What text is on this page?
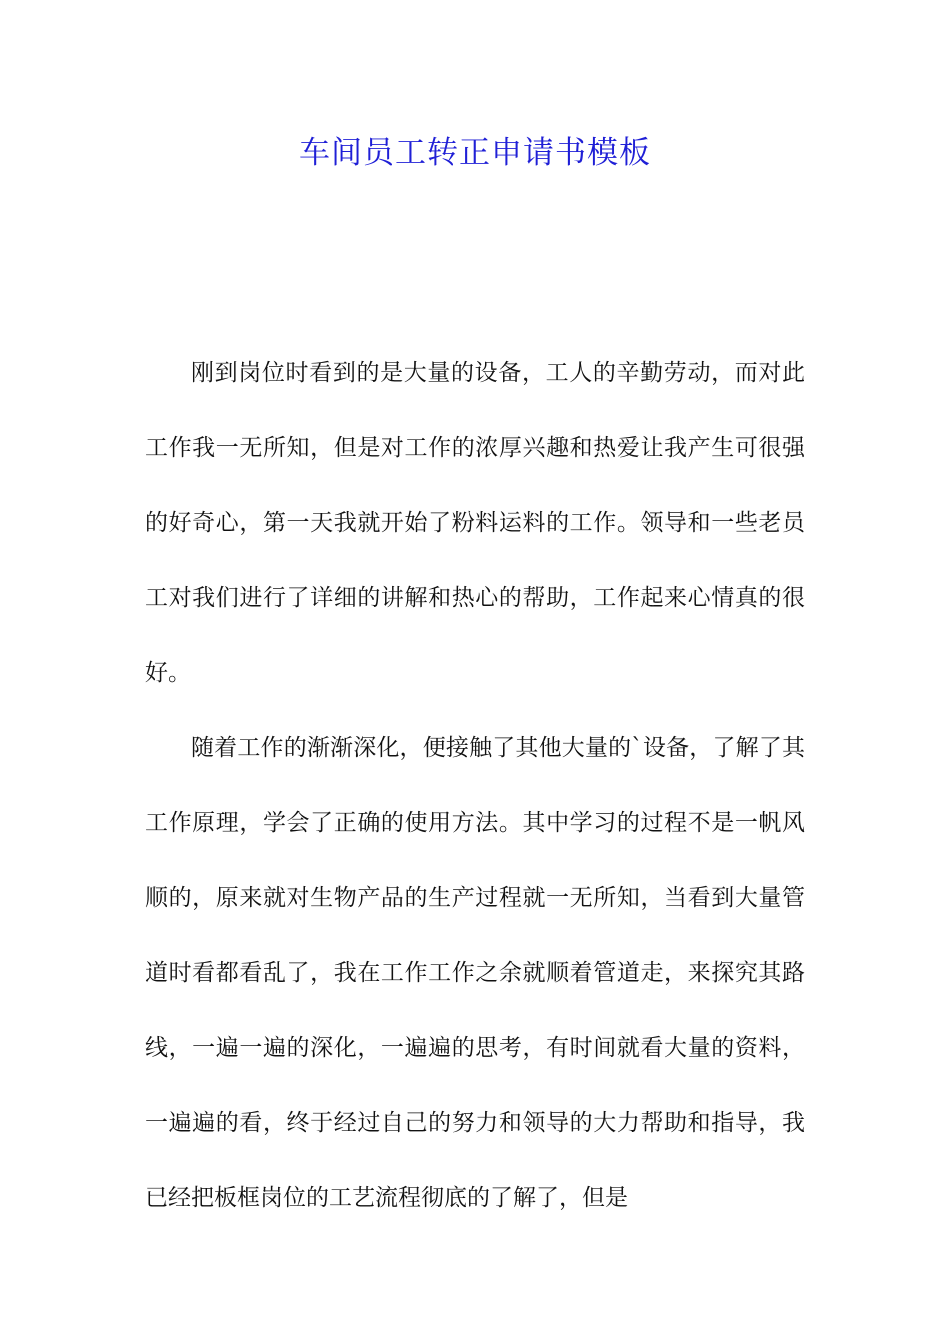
车间员工转正申请书模板

刚到岗位时看到的是大量的设备，工人的辛勤劳动，而对此工作我一无所知，但是对工作的浓厚兴趣和热爱让我产生可很强的好奇心，第一天我就开始了粉料运料的工作。领导和一些老员工对我们进行了详细的讲解和热心的帮助，工作起来心情真的很好。

随着工作的渐渐深化，便接触了其他大量的`设备，了解了其工作原理，学会了正确的使用方法。其中学习的过程不是一帆风顺的，原来就对生物产品的生产过程就一无所知，当看到大量管道时看都看乱了，我在工作工作之余就顺着管道走，来探究其路线，一遍一遍的深化，一遍遍的思考，有时间就看大量的资料，一遍遍的看，终于经过自己的努力和领导的大力帮助和指导，我已经把板框岗位的工艺流程彻底的了解了，但是
